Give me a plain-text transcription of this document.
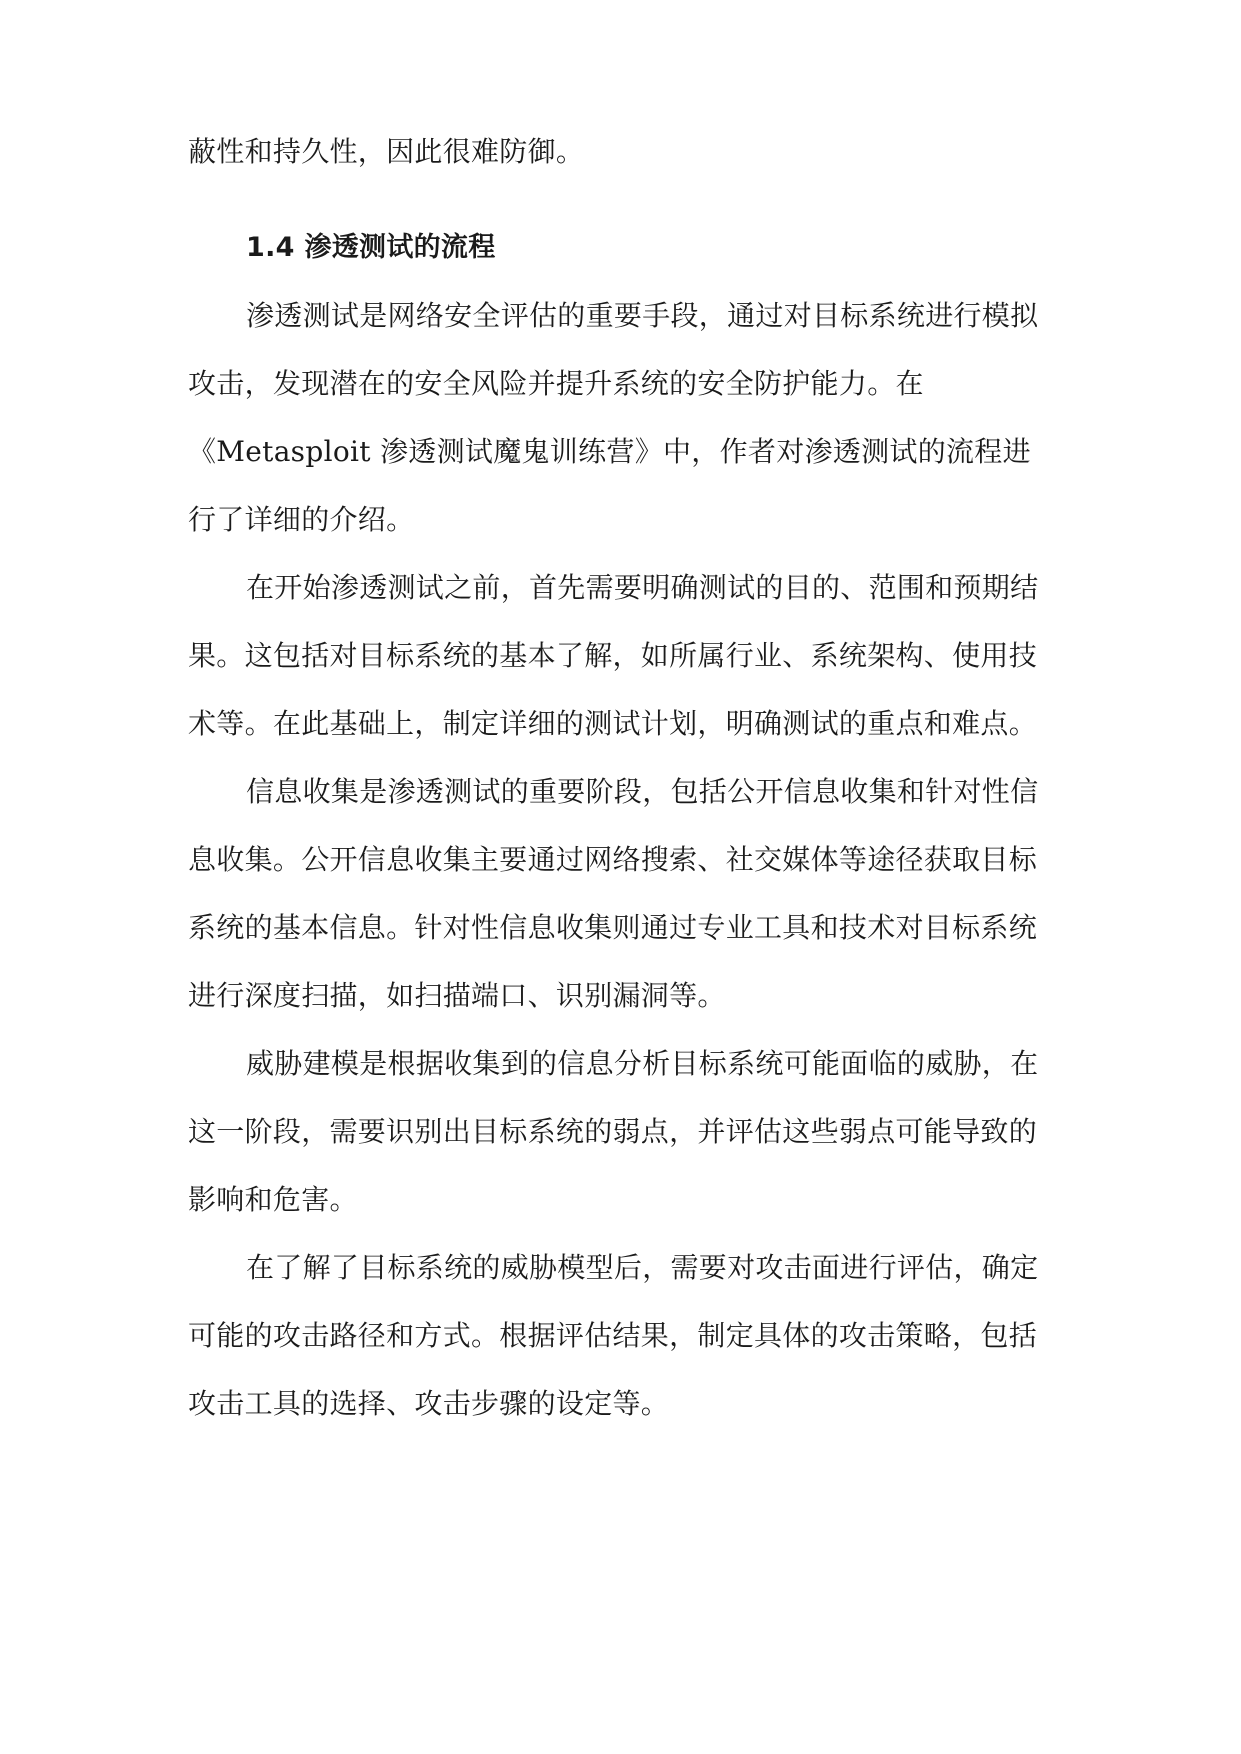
蔽性和持久性，因此很难防御。
1.4 渗透测试的流程
渗透测试是网络安全评估的重要手段，通过对目标系统进行模拟
攻击，发现潜在的安全风险并提升系统的安全防护能力。在
《Metasploit 渗透测试魔鬼训练营》中，作者对渗透测试的流程进
行了详细的介绍。
在开始渗透测试之前，首先需要明确测试的目的、范围和预期结
果。这包括对目标系统的基本了解，如所属行业、系统架构、使用技
术等。在此基础上，制定详细的测试计划，明确测试的重点和难点。
信息收集是渗透测试的重要阶段，包括公开信息收集和针对性信
息收集。公开信息收集主要通过网络搜索、社交媒体等途径获取目标
系统的基本信息。针对性信息收集则通过专业工具和技术对目标系统
进行深度扫描，如扫描端口、识别漏洞等。
威胁建模是根据收集到的信息分析目标系统可能面临的威胁，在
这一阶段，需要识别出目标系统的弱点，并评估这些弱点可能导致的
影响和危害。
在了解了目标系统的威胁模型后，需要对攻击面进行评估，确定
可能的攻击路径和方式。根据评估结果，制定具体的攻击策略，包括
攻击工具的选择、攻击步骤的设定等。
